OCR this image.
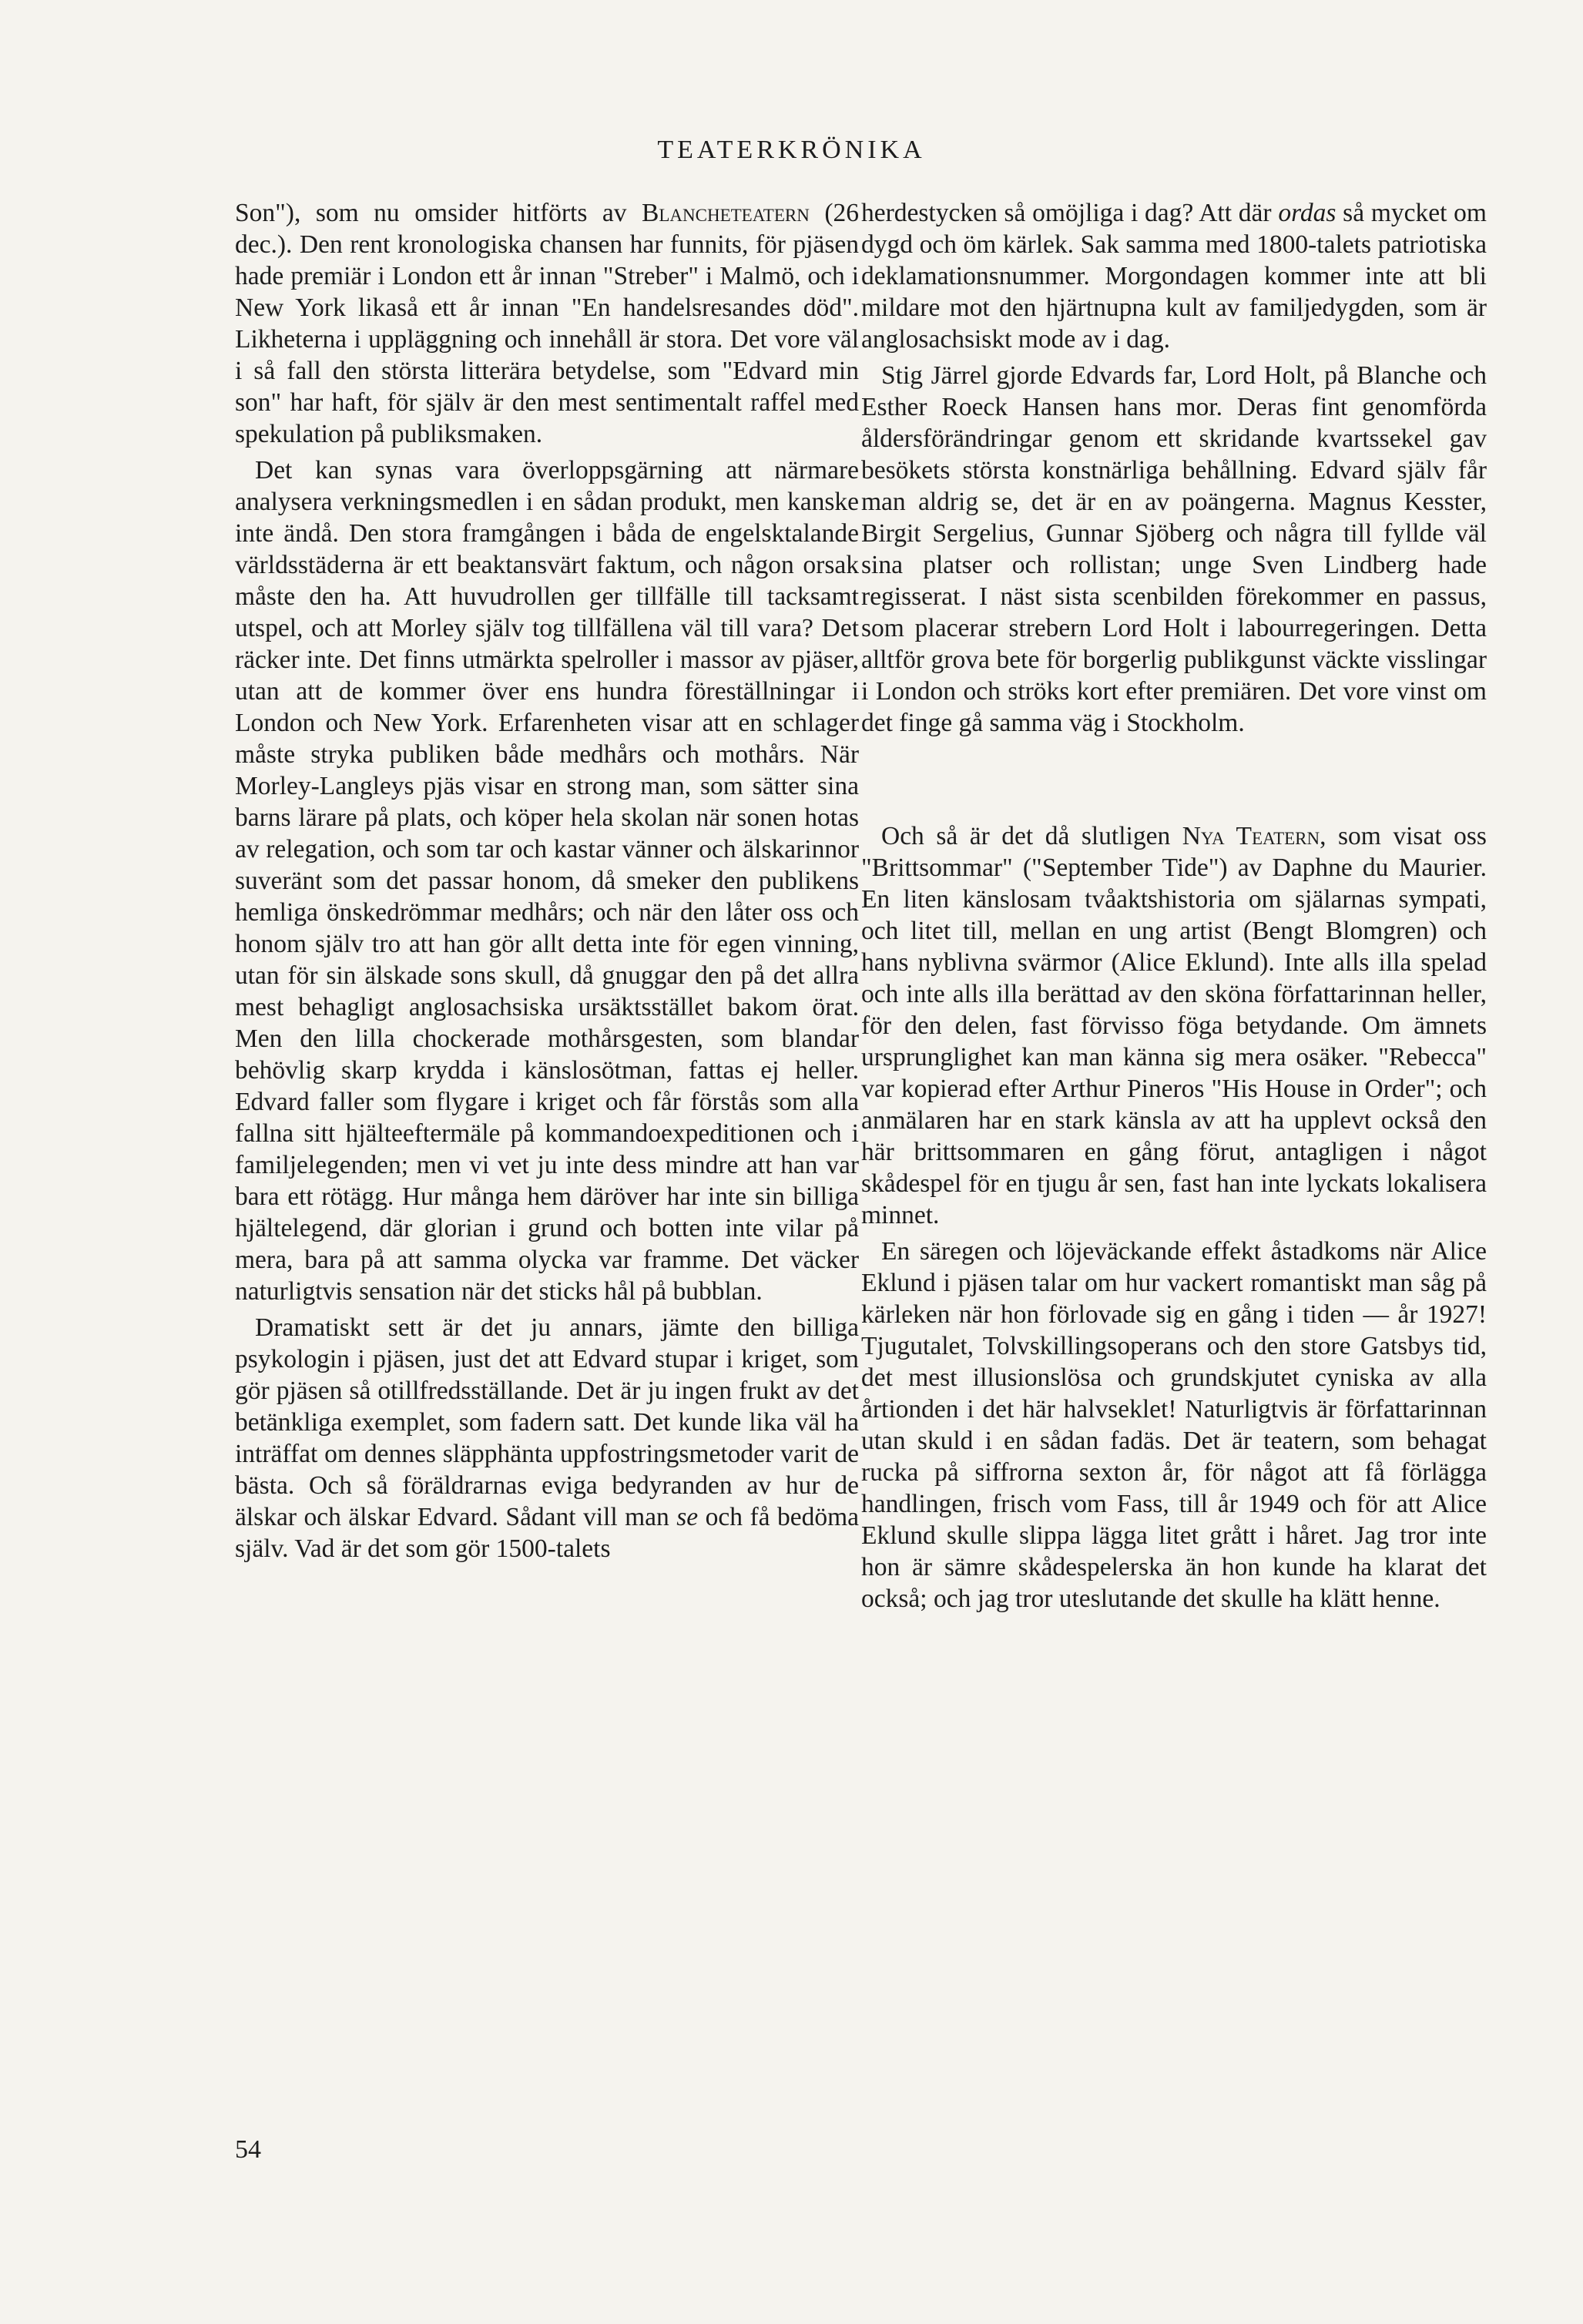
TEATERKRÖNIKA

Son"), som nu omsider hitförts av Blancheteatern (26 dec.). Den rent kronologiska chansen har funnits, för pjäsen hade premiär i London ett år innan "Streber" i Malmö, och i New York likaså ett år innan "En handelsresandes död". Likheterna i uppläggning och innehåll är stora. Det vore väl i så fall den största litterära betydelse, som "Edvard min son" har haft, för själv är den mest sentimentalt raffel med spekulation på publiksmaken.

Det kan synas vara överloppsgärning att närmare analysera verkningsmedlen i en sådan produkt, men kanske inte ändå. Den stora framgången i båda de engelsktalande världsstäderna är ett beaktansvärt faktum, och någon orsak måste den ha. Att huvudrollen ger tillfälle till tacksamt utspel, och att Morley själv tog tillfällena väl till vara? Det räcker inte. Det finns utmärkta spelroller i massor av pjäser, utan att de kommer över ens hundra föreställningar i London och New York. Erfarenheten visar att en schlager måste stryka publiken både medhårs och mothårs. När Morley-Langleys pjäs visar en strong man, som sätter sina barns lärare på plats, och köper hela skolan när sonen hotas av relegation, och som tar och kastar vänner och älskarinnor suveränt som det passar honom, då smeker den publikens hemliga önskedrömmar medhårs; och när den låter oss och honom själv tro att han gör allt detta inte för egen vinning, utan för sin älskade sons skull, då gnuggar den på det allra mest behagligt anglosachsiska ursäktsstället bakom örat. Men den lilla chockerade mothårsgesten, som blandar behövlig skarp krydda i känslosötman, fattas ej heller. Edvard faller som flygare i kriget och får förstås som alla fallna sitt hjälteeftermäle på kommandoexpeditionen och i familjelegenden; men vi vet ju inte dess mindre att han var bara ett rötägg. Hur många hem däröver har inte sin billiga hjältelegend, där glorian i grund och botten inte vilar på mera, bara på att samma olycka var framme. Det väcker naturligtvis sensation när det sticks hål på bubblan.

Dramatiskt sett är det ju annars, jämte den billiga psykologin i pjäsen, just det att Edvard stupar i kriget, som gör pjäsen så otillfredsställande. Det är ju ingen frukt av det betänkliga exemplet, som fadern satt. Det kunde lika väl ha inträffat om dennes släpphänta uppfostringsmetoder varit de bästa. Och så föräldrarnas eviga bedyranden av hur de älskar och älskar Edvard. Sådant vill man se och få bedöma själv. Vad är det som gör 1500-talets

herdestycken så omöjliga i dag? Att där ordas så mycket om dygd och öm kärlek. Sak samma med 1800-talets patriotiska deklamationsnummer. Morgondagen kommer inte att bli mildare mot den hjärtnupna kult av familjedygden, som är anglosachsiskt mode av i dag.

Stig Järrel gjorde Edvards far, Lord Holt, på Blanche och Esther Roeck Hansen hans mor. Deras fint genomförda åldersförändringar genom ett skridande kvartssekel gav besökets största konstnärliga behållning. Edvard själv får man aldrig se, det är en av poängerna. Magnus Kesster, Birgit Sergelius, Gunnar Sjöberg och några till fyllde väl sina platser och rollistan; unge Sven Lindberg hade regisserat. I näst sista scenbilden förekommer en passus, som placerar strebern Lord Holt i labourregeringen. Detta alltför grova bete för borgerlig publikgunst väckte visslingar i London och ströks kort efter premiären. Det vore vinst om det finge gå samma väg i Stockholm.

Och så är det då slutligen Nya Teatern, som visat oss "Brittsommar" ("September Tide") av Daphne du Maurier. En liten känslosam tvåaktshistoria om själarnas sympati, och litet till, mellan en ung artist (Bengt Blomgren) och hans nyblivna svärmor (Alice Eklund). Inte alls illa spelad och inte alls illa berättad av den sköna författarinnan heller, för den delen, fast förvisso föga betydande. Om ämnets ursprunglighet kan man känna sig mera osäker. "Rebecca" var kopierad efter Arthur Pineros "His House in Order"; och anmälaren har en stark känsla av att ha upplevt också den här brittsommaren en gång förut, antagligen i något skådespel för en tjugu år sen, fast han inte lyckats lokalisera minnet.

En säregen och löjeväckande effekt åstadkoms när Alice Eklund i pjäsen talar om hur vackert romantiskt man såg på kärleken när hon förlovade sig en gång i tiden — år 1927! Tjugutalet, Tolvskillingsoperans och den store Gatsbys tid, det mest illusionslösa och grundskjutet cyniska av alla årtionden i det här halvseklet! Naturligtvis är författarinnan utan skuld i en sådan fadäs. Det är teatern, som behagat rucka på siffrorna sexton år, för något att få förlägga handlingen, frisch vom Fass, till år 1949 och för att Alice Eklund skulle slippa lägga litet grått i håret. Jag tror inte hon är sämre skådespelerska än hon kunde ha klarat det också; och jag tror uteslutande det skulle ha klätt henne.

54
